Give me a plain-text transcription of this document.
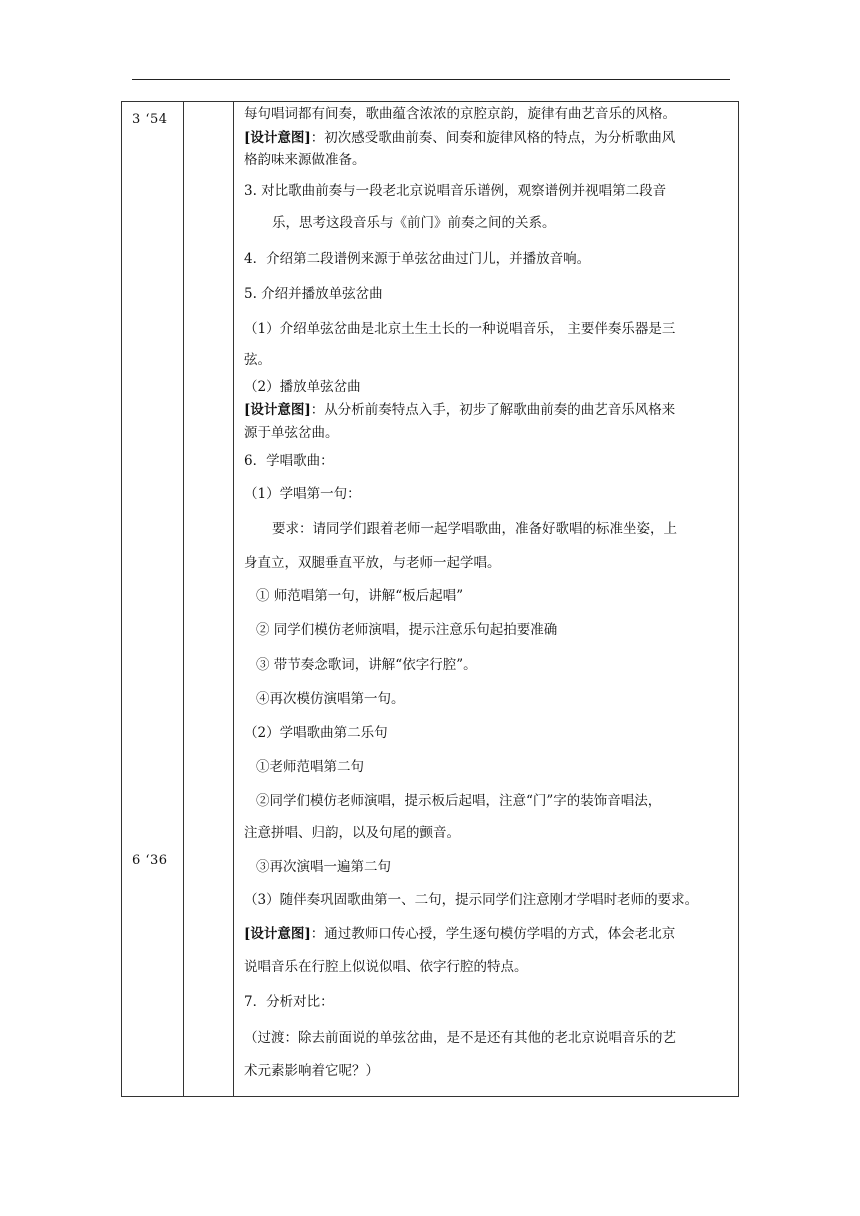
3 ‘54
6 ‘36
每句唱词都有间奏，歌曲蕴含浓浓的京腔京韵，旋律有曲艺音乐的风格。
[设计意图]：初次感受歌曲前奏、间奏和旋律风格的特点，为分析歌曲风
格韵味来源做准备。
3. 对比歌曲前奏与一段老北京说唱音乐谱例，观察谱例并视唱第二段音
乐，思考这段音乐与《前门》前奏之间的关系。
4．介绍第二段谱例来源于单弦岔曲过门儿，并播放音响。
5. 介绍并播放单弦岔曲
（1）介绍单弦岔曲是北京土生土长的一种说唱音乐， 主要伴奏乐器是三
弦。
（2）播放单弦岔曲
[设计意图]：从分析前奏特点入手，初步了解歌曲前奏的曲艺音乐风格来
源于单弦岔曲。
6．学唱歌曲：
（1）学唱第一句：
要求：请同学们跟着老师一起学唱歌曲，准备好歌唱的标准坐姿，上
身直立，双腿垂直平放，与老师一起学唱。
① 师范唱第一句，讲解“板后起唱”
② 同学们模仿老师演唱，提示注意乐句起拍要准确
③ 带节奏念歌词，讲解“依字行腔”。
④再次模仿演唱第一句。
（2）学唱歌曲第二乐句
①老师范唱第二句
②同学们模仿老师演唱，提示板后起唱，注意“门”字的装饰音唱法，
注意拼唱、归韵，以及句尾的颤音。
③再次演唱一遍第二句
（3）随伴奏巩固歌曲第一、二句，提示同学们注意刚才学唱时老师的要求。
[设计意图]：通过教师口传心授，学生逐句模仿学唱的方式，体会老北京
说唱音乐在行腔上似说似唱、依字行腔的特点。
7．分析对比：
（过渡：除去前面说的单弦岔曲，是不是还有其他的老北京说唱音乐的艺
术元素影响着它呢？）
